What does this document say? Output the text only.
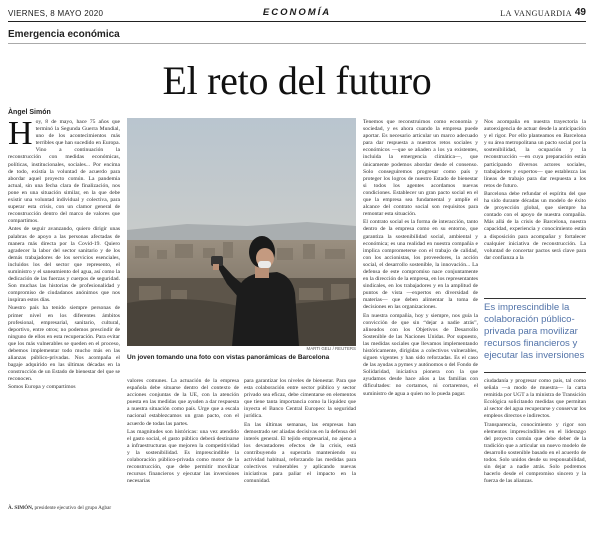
VIERNES, 8 MAYO 2020	ECONOMÍA	LA VANGUARDIA 49
Emergencia económica
El reto del futuro
Àngel Simón
H oy, 8 de mayo, hace 75 años que terminó la Segunda Guerra Mundial, uno de los acontecimientos más terribles que han sucedido en Europa. Vino a continuación la reconstrucción con medidas económicas, políticas, institucionales, sociales... Por encima de todo, existía la voluntad de acuerdo para abordar aquel proyecto común. La pandemia actual, sin una fecha clara de finalización, nos pone en una situación similar, en la que debe existir una voluntad individual y colectiva, para superar esta crisis, con un clamor general de reconstrucción dentro del marco de valores que compartimos.

Antes de seguir avanzando, quiero dirigir unas palabras de apoyo a las personas afectadas de manera más directa por la Covid-19. Quiero agradecer la labor del sector sanitario y de los demás trabajadores de los servicios esenciales, incluidos los del sector que represento, el suministro y el saneamiento del agua, así como la dedicación de las fuerzas y cuerpos de seguridad. Son muchas las historias de profesionalidad y compromiso de ciudadanos anónimos que nos inspiran estos días.

Nuestro país ha tenido siempre personas de primer nivel en los diferentes ámbitos profesional, empresarial, sanitario, cultural, deportivo, entre otros; no podemos prescindir de ninguno de ellos en esta recuperación. Para evitar que los más vulnerables se queden en el proceso, debemos implementar todo mucho más en las alianzas público-privadas. Nos acompaña el bagaje adquirido en las últimas décadas en la construcción de un Estado de bienestar del que se reconocen.

Somos Europa y compartimos

À. SIMÓN, presidente ejecutivo del grupo Agbar
MARTI GELI / REUTERS
Un joven tomando una foto con vistas panorámicas de Barcelona

valores comunes. La actuación de la empresa española debe situarse dentro del contexto de acciones conjuntas de la UE, con la atención puesta en las medidas que ayuden a dar respuesta a nuestra situación como país. Urge que a escala nacional establezcamos un gran pacto, con el acuerdo de todas las partes.

Las magnitudes son históricas: una vez atendido el gasto social, el gasto público deberá destinarse a infraestructuras que mejoren la competitividad y la sostenibilidad. Es imprescindible la colaboración público-privada como motor de la reconstrucción, que debe permitir movilizar recursos financieros y ejecutar las inversiones necesarias

para garantizar los niveles de bienestar. Para que esta colaboración entre sector público y sector privado sea eficaz, debe cimentarse en elementos que tiene tanta importancia como la liquidez que inyecta el Banco Central Europeo: la seguridad jurídica.

En las últimas semanas, las empresas han demostrado ser aliadas decisivas en la defensa del interés general. El tejido empresarial, no ajeno a los devastadores efectos de la crisis, está contribuyendo a superarla manteniendo su actividad habitual, reforzando las medidas para colectivos vulnerables y aplicando nuevas iniciativas para paliar el impacto en la comunidad.

Tenemos que reconstruirnos como economía y sociedad, y es ahora cuando la empresa puede aportar. Es necesario articular un marco adecuado para dar respuesta a nuestros retos sociales y económicos —que se añaden a los ya existentes, incluida la emergencia climática—, que únicamente podemos abordar desde el consenso. Solo conseguiremos progresar como país y proteger los logros de nuestro Estado de bienestar si todos los agentes acordamos nuevas condiciones. Establecer un gran pacto social en el que la empresa sea fundamental y amplíe el alcance del contrato social son requisitos para remontar esta situación.

El contrato social es la forma de interacción, tanto dentro de la empresa como en su entorno, que garantiza la sostenibilidad social, ambiental y económica; es una realidad en nuestra compañía e implica comprometerse con el trabajo de calidad, con los accionistas, los proveedores, la acción social, el desarrollo sostenible, la innovación... La defensa de este compromiso nace conjuntamente en la dirección de la empresa, en los representantes sindicales, en los trabajadores y en la amplitud de puntos de vista —expertos en diversidad de materias— que deben alimentar la toma de decisiones en las organizaciones.

En nuestra compañía, hoy y siempre, nos guía la convicción de que sin “dejar a nadie atrás”, alineados con los Objetivos de Desarrollo Sostenible de las Naciones Unidas. Por supuesto, las medidas sociales que llevamos implementando históricamente, dirigidas a colectivos vulnerables, siguen vigentes y han sido reforzadas. Es el caso de las ayudas a pymes y autónomos o del Fondo de Solidaridad, iniciativa pionera con la que ayudamos desde hace años a las familias con dificultades: no cortamos, ni cortaremos, el suministro de agua a quien no lo pueda pagar.

Nos acompaña en nuestra trayectoria la autoexigencia de actuar desde la anticipación y el rigor. Por ello planteamos en Barcelona y su área metropolitana un pacto social por la sostenibilidad, la ocupación y la reconstrucción —en cuya preparación están participando diversos actores sociales, trabajadores y expertos— que establezca las líneas de trabajo para dar respuesta a los retos de futuro.

Barcelona debe refundar el espíritu del que ha sido durante décadas un modelo de éxito de proyección global, que siempre ha contado con el apoyo de nuestra compañía. Más allá de la crisis de Barcelona, nuestra capacidad, experiencia y conocimiento están a disposición para acompañar y fortalecer cualquier iniciativa de reconstrucción. La voluntad de concertar pactos será clave para dar confianza a la

Es imprescindible la colaboración público-privada para movilizar recursos financieros y ejecutar las inversiones

ciudadanía y progresar como país, tal como señala —a modo de muestra— la carta remitida por UGT a la ministra de Transición Ecológica solicitando medidas que permitan al sector del agua recuperarse y conservar los empleos directos e indirectos.

Transparencia, conocimiento y rigor son elementos imprescindibles en el liderazgo del proyecto común que debe deber de la tradición que a articular un nuevo modelo de desarrollo sostenible basado en el acuerdo de todos. Solo unidos desde su responsabilidad, sin dejar a nadie atrás. Solo podremos hacerlo desde el compromiso sincero y la fuerza de las alianzas.
